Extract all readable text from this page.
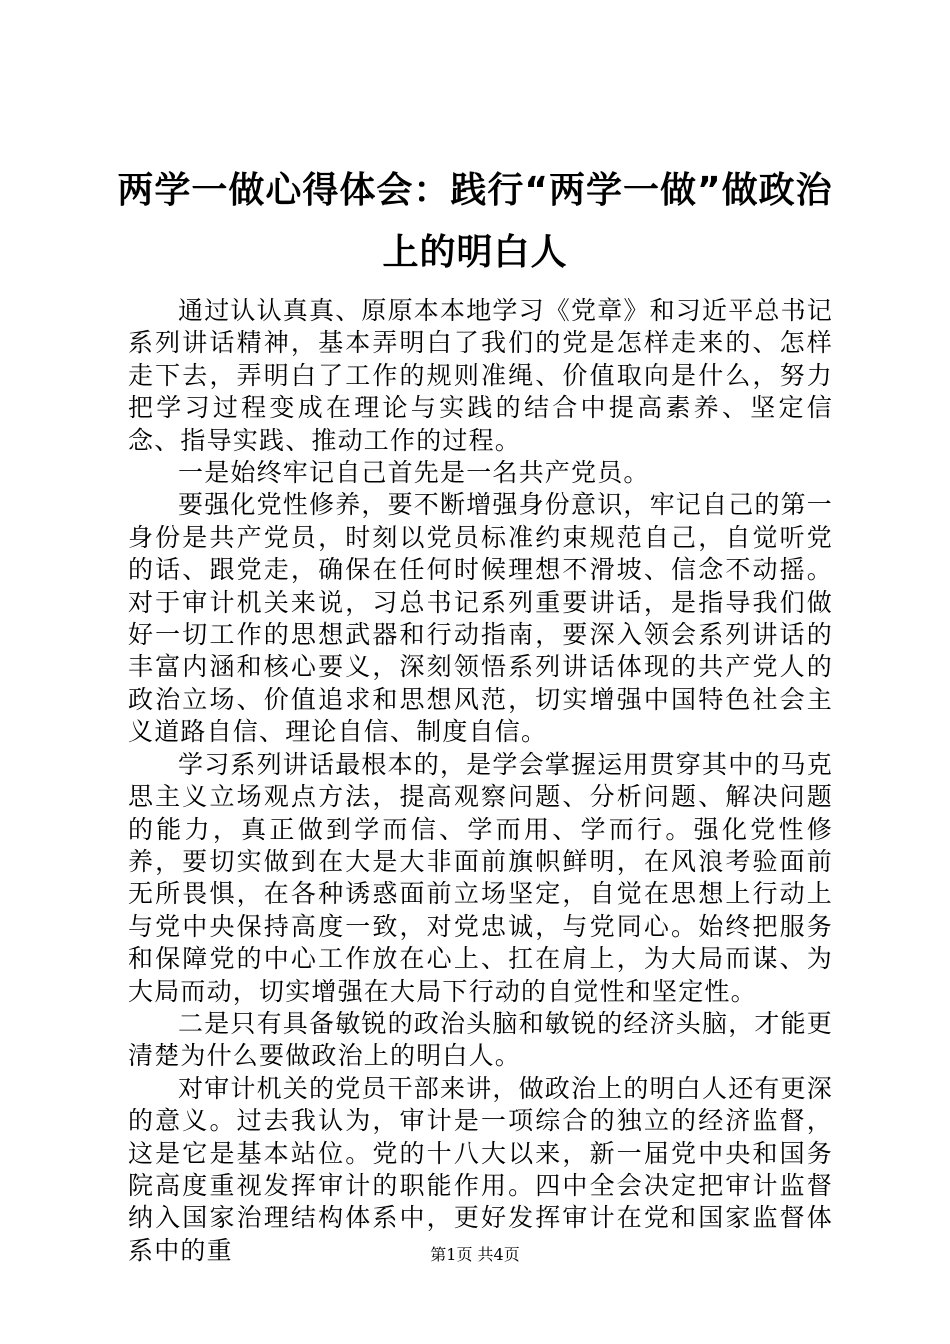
两学一做心得体会：践行“两学一做”做政治上的明白人

通过认认真真、原原本本地学习《党章》和习近平总书记系列讲话精神，基本弄明白了我们的党是怎样走来的、怎样走下去，弄明白了工作的规则准绳、价值取向是什么，努力把学习过程变成在理论与实践的结合中提高素养、坚定信念、指导实践、推动工作的过程。

一是始终牢记自己首先是一名共产党员。

要强化党性修养，要不断增强身份意识，牢记自己的第一身份是共产党员，时刻以党员标准约束规范自己，自觉听党的话、跟党走，确保在任何时候理想不滑坡、信念不动摇。对于审计机关来说，习总书记系列重要讲话，是指导我们做好一切工作的思想武器和行动指南，要深入领会系列讲话的丰富内涵和核心要义，深刻领悟系列讲话体现的共产党人的政治立场、价值追求和思想风范，切实增强中国特色社会主义道路自信、理论自信、制度自信。

学习系列讲话最根本的，是学会掌握运用贯穿其中的马克思主义立场观点方法，提高观察问题、分析问题、解决问题的能力，真正做到学而信、学而用、学而行。强化党性修养，要切实做到在大是大非面前旗帜鲜明，在风浪考验面前无所畏惧，在各种诱惑面前立场坚定，自觉在思想上行动上与党中央保持高度一致，对党忠诚，与党同心。始终把服务和保障党的中心工作放在心上、扛在肩上，为大局而谋、为大局而动，切实增强在大局下行动的自觉性和坚定性。

二是只有具备敏锐的政治头脑和敏锐的经济头脑，才能更清楚为什么要做政治上的明白人。

对审计机关的党员干部来讲，做政治上的明白人还有更深的意义。过去我认为，审计是一项综合的独立的经济监督，这是它是基本站位。党的十八大以来，新一届党中央和国务院高度重视发挥审计的职能作用。四中全会决定把审计监督纳入国家治理结构体系中，更好发挥审计在党和国家监督体系中的重	第1页 共4页
